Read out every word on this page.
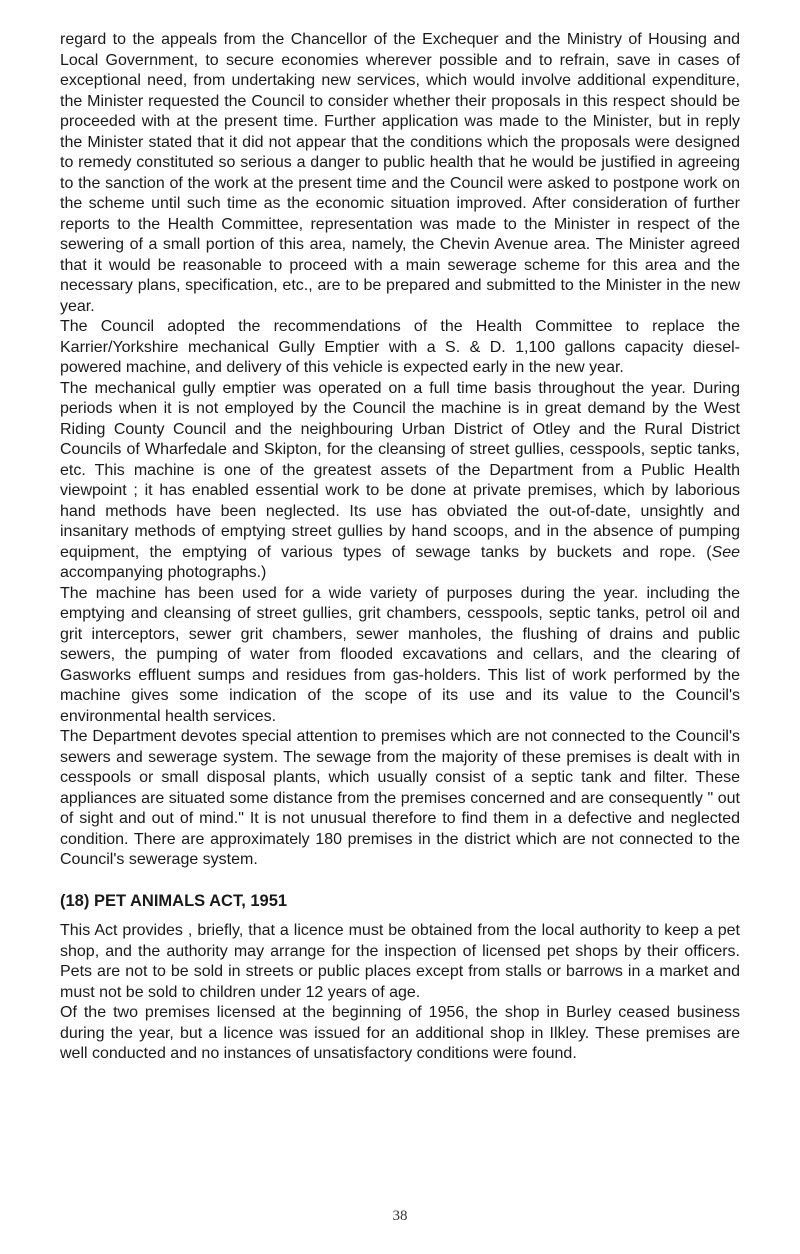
regard to the appeals from the Chancellor of the Exchequer and the Ministry of Housing and Local Government, to secure economies wherever possible and to refrain, save in cases of exceptional need, from undertaking new services, which would involve additional expenditure, the Minister requested the Council to consider whether their proposals in this respect should be proceeded with at the present time. Further application was made to the Minister, but in reply the Minister stated that it did not appear that the conditions which the proposals were designed to remedy constituted so serious a danger to public health that he would be justified in agreeing to the sanction of the work at the present time and the Council were asked to postpone work on the scheme until such time as the economic situation improved. After consideration of further reports to the Health Committee, representation was made to the Minister in respect of the sewering of a small portion of this area, namely, the Chevin Avenue area. The Minister agreed that it would be reasonable to proceed with a main sewerage scheme for this area and the necessary plans, specification, etc., are to be prepared and submitted to the Minister in the new year.

The Council adopted the recommendations of the Health Committee to replace the Karrier/Yorkshire mechanical Gully Emptier with a S. & D. 1,100 gallons capacity diesel-powered machine, and delivery of this vehicle is expected early in the new year.

The mechanical gully emptier was operated on a full time basis throughout the year. During periods when it is not employed by the Council the machine is in great demand by the West Riding County Council and the neighbouring Urban District of Otley and the Rural District Councils of Wharfedale and Skipton, for the cleansing of street gullies, cesspools, septic tanks, etc. This machine is one of the greatest assets of the Department from a Public Health viewpoint ; it has enabled essential work to be done at private premises, which by laborious hand methods have been neglected. Its use has obviated the out-of-date, unsightly and insanitary methods of emptying street gullies by hand scoops, and in the absence of pumping equipment, the emptying of various types of sewage tanks by buckets and rope. (See accompanying photographs.)

The machine has been used for a wide variety of purposes during the year. including the emptying and cleansing of street gullies, grit chambers, cesspools, septic tanks, petrol oil and grit interceptors, sewer grit chambers, sewer manholes, the flushing of drains and public sewers, the pumping of water from flooded excavations and cellars, and the clearing of Gasworks effluent sumps and residues from gas-holders. This list of work performed by the machine gives some indication of the scope of its use and its value to the Council's environmental health services.

The Department devotes special attention to premises which are not connected to the Council's sewers and sewerage system. The sewage from the majority of these premises is dealt with in cesspools or small disposal plants, which usually consist of a septic tank and filter. These appliances are situated some distance from the premises concerned and are consequently " out of sight and out of mind." It is not unusual therefore to find them in a defective and neglected condition. There are approximately 180 premises in the district which are not connected to the Council's sewerage system.

(18) PET ANIMALS ACT, 1951

This Act provides , briefly, that a licence must be obtained from the local authority to keep a pet shop, and the authority may arrange for the inspection of licensed pet shops by their officers. Pets are not to be sold in streets or public places except from stalls or barrows in a market and must not be sold to children under 12 years of age.

Of the two premises licensed at the beginning of 1956, the shop in Burley ceased business during the year, but a licence was issued for an additional shop in Ilkley. These premises are well conducted and no instances of unsatisfactory conditions were found.

38
